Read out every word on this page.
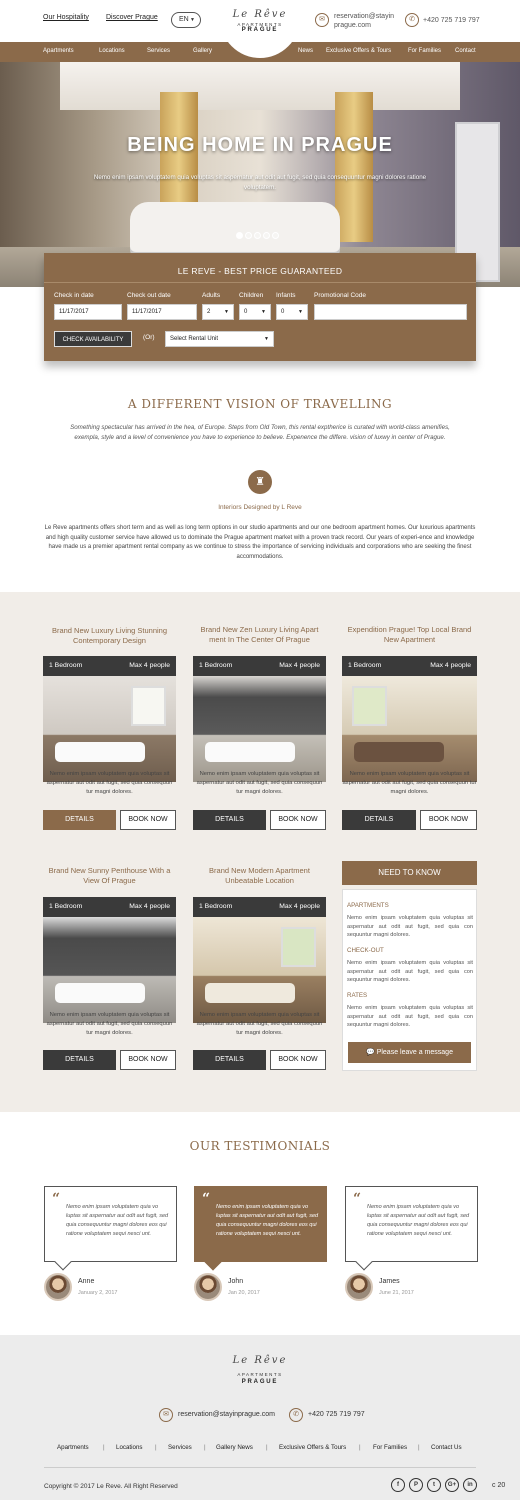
Our Hospitality Discover Prague	EN ▼	Le Rêve
APARTMENTS
PRAGUE
✉	reservation@stayin
prague.com
✆	+420 725 719 797
Apartments	Locations	Services	Gallery	News Exclusive Offers & Tours	For Families Contact
BEING HOME IN PRAGUE
Nemo enim ipsam voluptatem quia voluptas sit aspernatur aut odit aut fugit, sed quia consequuntur magni dolores ratione voluptatem.
LE REVE - BEST PRICE GUARANTEED
Check in date	Check out date	Adults	Children Infants	Promotional Code
11/17/2017	11/17/2017	2	▼	0	▼	0	▼
CHECK AVAILABILITY	(Or)	Select Rental Unit	▼
A DIFFERENT VISION OF TRAVELLING
Something spectacular has arrived in the hea, of Europe. Steps from Old Town, this rental exptherice is curated with world-class amenifies, exempla, style and a level of convenience you have to experience to believe. Expenence the differe. vision of luxwy in center of Prague.
♜
Interiors Designed by L Reve
Le Reve apartments offers short term and as well as long term options in our studio apartments and our one bedroom apartment homes. Our luxurious apartments and high quality customer service have allowed us to dominate the Prague apartment market with a proven track record. Our years of experi-ence and knowledge have made us a premier apartment rental company as we continue to stress the importance of servicing individuals and corporations who are seeking the finest accommodations.
Brand New Luxury Living Stunning Contemporary Design
1 Bedroom	Max 4 people
Nemo enim ipsam voluptatem quia voluptas sit aspernatur aut odit aut fugit, sed quia consequun tur magni dolores.
DETAILS	BOOK NOW
Brand New Zen Luxury Living Apart ment In The Center Of Prague
1 Bedroom	Max 4 people
Nemo enim ipsam voluptatem quia voluptas sit aspernatur aut odit aut fugit, sed quia consequun tur magni dolores.
DETAILS	BOOK NOW
Expendition Prague! Top Local Brand New Apartment
1 Bedroom	Max 4 people
Nemo enim ipsam voluptatem quia voluptas sit aspernatur aut odit aut fugit, sed quia consequun tur magni dolores.
DETAILS	BOOK NOW
Brand New Sunny Penthouse With a View Of Prague
1 Bedroom	Max 4 people
Nemo enim ipsam voluptatem quia voluptas sit aspernatur aut odit aut fugit, sed quia consequun tur magni dolores.
DETAILS	BOOK NOW
Brand New Modern Apartment Unbeatable Location
1 Bedroom	Max 4 people
Nemo enim ipsam voluptatem quia voluptas sit aspernatur aut odit aut fugit, sed quia consequun tur magni dolores.
DETAILS	BOOK NOW
NEED TO KNOW
APARTMENTS
Nemo enim ipsam voluptatem quia voluptas sit aspernatur aut odit aut fugit, sed quia con sequuntur magni dolores.
CHECK-OUT
Nemo enim ipsam voluptatem quia voluptas sit aspernatur aut odit aut fugit, sed quia con sequuntur magni dolores.
RATES
Nemo enim ipsam voluptatem quia voluptas sit aspernatur aut odit aut fugit, sed quia con sequuntur magni dolores.
💬 Please leave a message
OUR TESTIMONIALS
“ Nemo enim ipsam voluptatem quia vo luptas sit aspernatur aut odit aut fugit, sed quia consequuntur magni dolores eos qui ratione voluptatem sequi nesci unt.
“ Nemo enim ipsam voluptatem quia vo luptas sit aspernatur aut odit aut fugit, sed quia consequuntur magni dolores eos qui ratione voluptatem sequi nesci unt.
“ Nemo enim ipsam voluptatem quia vo luptas sit aspernatur aut odit aut fugit, sed quia consequuntur magni dolores eos qui ratione voluptatem sequi nesci unt.
Anne
January 2, 2017
John
Jan 20, 2017
James
June 21, 2017
Le Rêve
APARTMENTS
PRAGUE
✉	reservation@stayinprague.com	✆	+420 725 719 797
Apartments | Locations | Services | Gallery News | Exclusive Offers & Tours | For Families | Contact Us
Copyright © 2017 Le Reve. All Right Reserved	f	P	t	G+	in	c 20
